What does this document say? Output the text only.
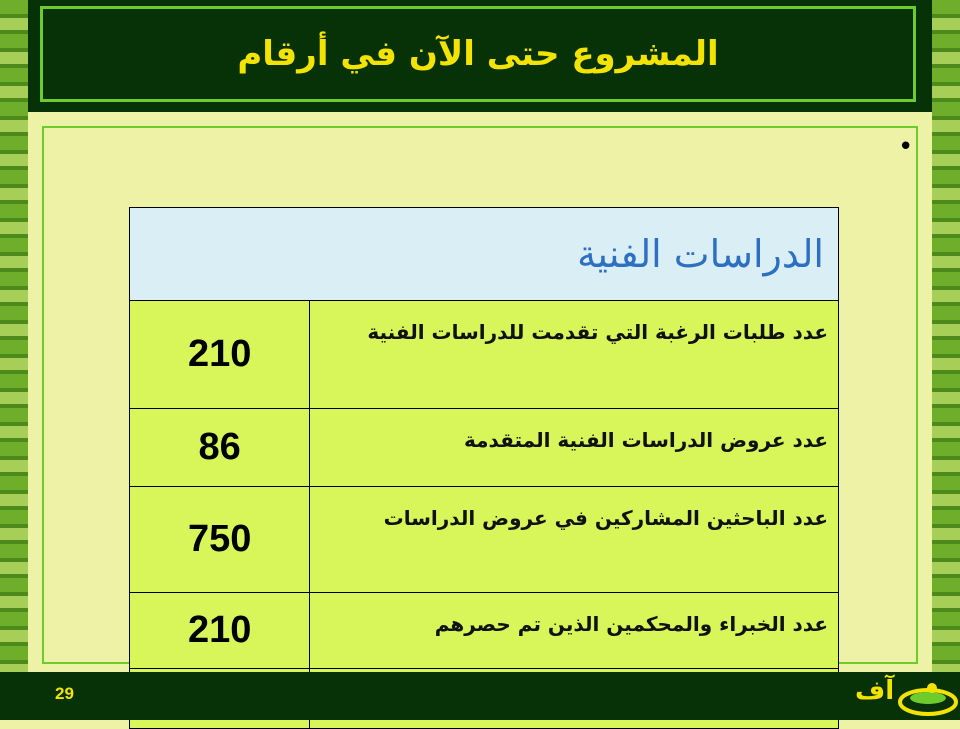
المشروع حتى الآن في أرقام
•
الدراسات الفنية	
عدد طلبات الرغبة التي تقدمت للدراسات الفنية	210
عدد عروض الدراسات الفنية المتقدمة	86
عدد الباحثين المشاركين في عروض الدراسات	750
عدد الخبراء والمحكمين الذين تم حصرهم	210

29	آف
